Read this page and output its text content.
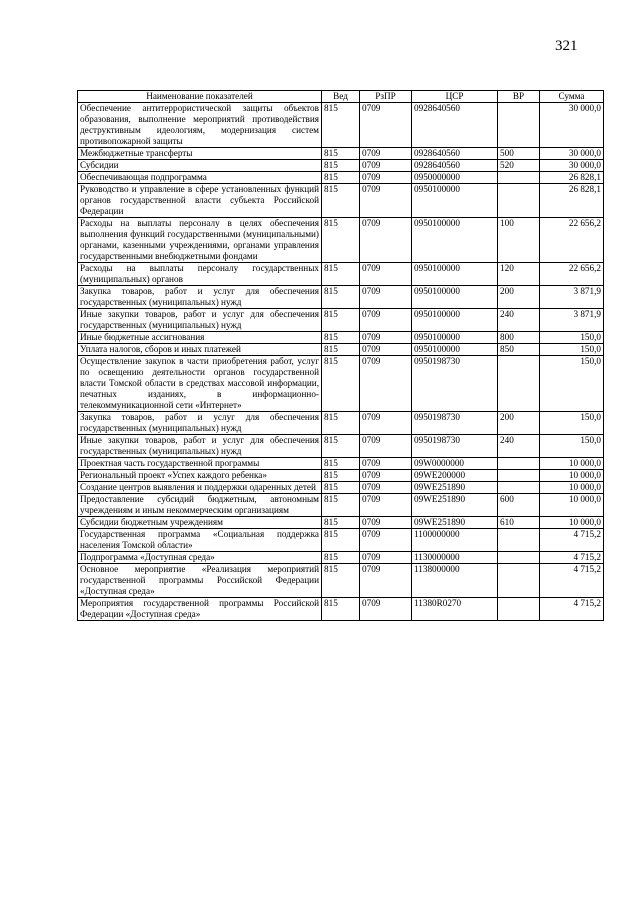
321
Наименование показателей	Вед	РзПР	ЦСР	ВР	Сумма

Обеспечение антитеррористической защиты объектов образования, выполнение мероприятий противодействия деструктивным идеологиям, модернизация систем противопожарной защиты	815	0709	0928640560		30 000,0

Межбюджетные трансферты	815	0709	0928640560	500	30 000,0

Субсидии	815	0709	0928640560	520	30 000,0

Обеспечивающая подпрограмма	815	0709	0950000000		26 828,1

Руководство и управление в сфере установленных функций органов государственной власти субъекта Российской Федерации	815	0709	0950100000		26 828,1

Расходы на выплаты персоналу в целях обеспечения выполнения функций государственными (муниципальными) органами, казенными учреждениями, органами управления государственными внебюджетными фондами	815	0709	0950100000	100	22 656,2

Расходы на выплаты персоналу государственных (муниципальных) органов	815	0709	0950100000	120	22 656,2

Закупка товаров, работ и услуг для обеспечения государственных (муниципальных) нужд	815	0709	0950100000	200	3 871,9

Иные закупки товаров, работ и услуг для обеспечения государственных (муниципальных) нужд	815	0709	0950100000	240	3 871,9

Иные бюджетные ассигнования	815	0709	0950100000	800	150,0

Уплата налогов, сборов и иных платежей	815	0709	0950100000	850	150,0

Осуществление закупок в части приобретения работ, услуг по освещению деятельности органов государственной власти Томской области в средствах массовой информации, печатных изданиях, в информационно-телекоммуникационной сети «Интернет»	815	0709	0950198730		150,0

Закупка товаров, работ и услуг для обеспечения государственных (муниципальных) нужд	815	0709	0950198730	200	150,0

Иные закупки товаров, работ и услуг для обеспечения государственных (муниципальных) нужд	815	0709	0950198730	240	150,0

Проектная часть государственной программы	815	0709	09W0000000		10 000,0

Региональный проект «Успех каждого ребенка»	815	0709	09WE200000		10 000,0

Создание центров выявления и поддержки одаренных детей	815	0709	09WE251890		10 000,0

Предоставление субсидий бюджетным, автономным учреждениям и иным некоммерческим организациям	815	0709	09WE251890	600	10 000,0

Субсидии бюджетным учреждениям	815	0709	09WE251890	610	10 000,0

Государственная программа «Социальная поддержка населения Томской области»	815	0709	1100000000		4 715,2

Подпрограмма «Доступная среда»	815	0709	1130000000		4 715,2

Основное мероприятие «Реализация мероприятий государственной программы Российской Федерации «Доступная среда»	815	0709	1138000000		4 715,2

Мероприятия государственной программы Российской Федерации «Доступная среда»	815	0709	11380R0270		4 715,2
